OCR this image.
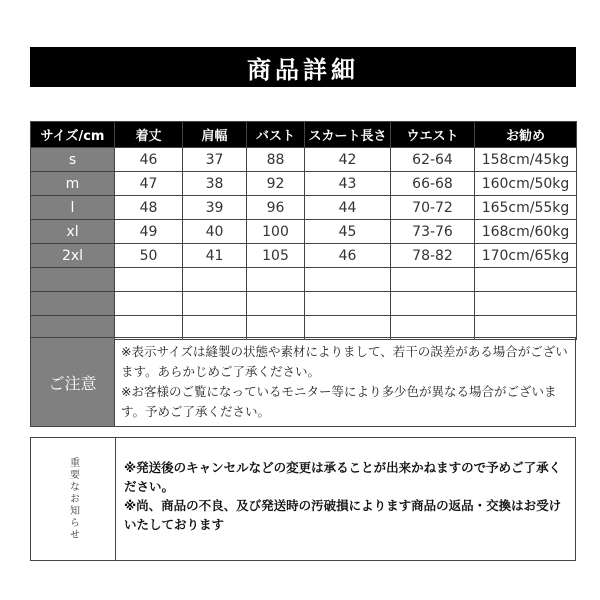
商品詳細
サイズ/cm	着丈	肩幅	バスト	スカート長さ	ウエスト	お勧め
s	46	37	88	42	62-64	158cm/45kg
m	47	38	92	43	66-68	160cm/50kg
l	48	39	96	44	70-72	165cm/55kg
xl	49	40	100	45	73-76	168cm/60kg
2xl	50	41	105	46	78-82	170cm/65kg

ご注意	

※表示サイズは縫製の状態や素材によりまして、若干の誤差がある場合がございます。あらかじめご了承ください。

※お客様のご覧になっているモニター等により多少色が異なる場合がございます。予めご了承ください。

重要なお知らせ	※発送後のキャンセルなどの変更は承ることが出来かねますので予めご了承ください。

※尚、商品の不良、及び発送時の汚破損によります商品の返品・交換はお受けいたしております
